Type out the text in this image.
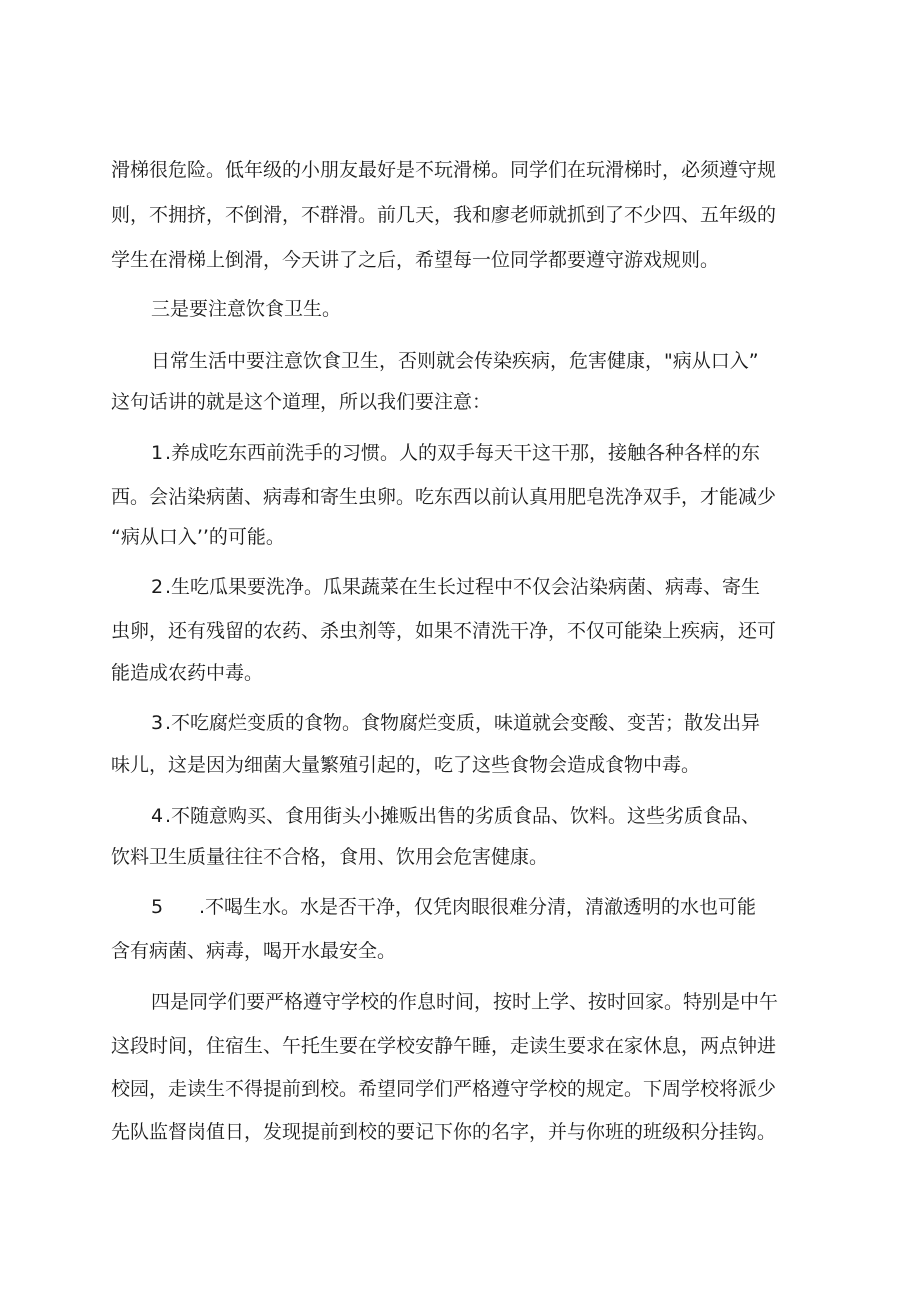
滑梯很危险。低年级的小朋友最好是不玩滑梯。同学们在玩滑梯时，必须遵守规
则，不拥挤，不倒滑，不群滑。前几天，我和廖老师就抓到了不少四、五年级的
学生在滑梯上倒滑，今天讲了之后，希望每一位同学都要遵守游戏规则。
三是要注意饮食卫生。
日常生活中要注意饮食卫生，否则就会传染疾病，危害健康，"病从口入”
这句话讲的就是这个道理，所以我们要注意：
1 .养成吃东西前洗手的习惯。人的双手每天干这干那，接触各种各样的东
西。会沾染病菌、病毒和寄生虫卵。吃东西以前认真用肥皂洗净双手，才能减少
“病从口入’’的可能。
2 .生吃瓜果要洗净。瓜果蔬菜在生长过程中不仅会沾染病菌、病毒、寄生
虫卵，还有残留的农药、杀虫剂等，如果不清洗干净，不仅可能染上疾病，还可
能造成农药中毒。
3 .不吃腐烂变质的食物。食物腐烂变质，味道就会变酸、变苦；散发出异
味儿，这是因为细菌大量繁殖引起的，吃了这些食物会造成食物中毒。
4 .不随意购买、食用街头小摊贩出售的劣质食品、饮料。这些劣质食品、
饮料卫生质量往往不合格，食用、饮用会危害健康。
5 .不喝生水。水是否干净，仅凭肉眼很难分清，清澈透明的水也可能
含有病菌、病毒，喝开水最安全。
四是同学们要严格遵守学校的作息时间，按时上学、按时回家。特别是中午
这段时间，住宿生、午托生要在学校安静午睡，走读生要求在家休息，两点钟进
校园，走读生不得提前到校。希望同学们严格遵守学校的规定。下周学校将派少
先队监督岗值日，发现提前到校的要记下你的名字，并与你班的班级积分挂钩。
